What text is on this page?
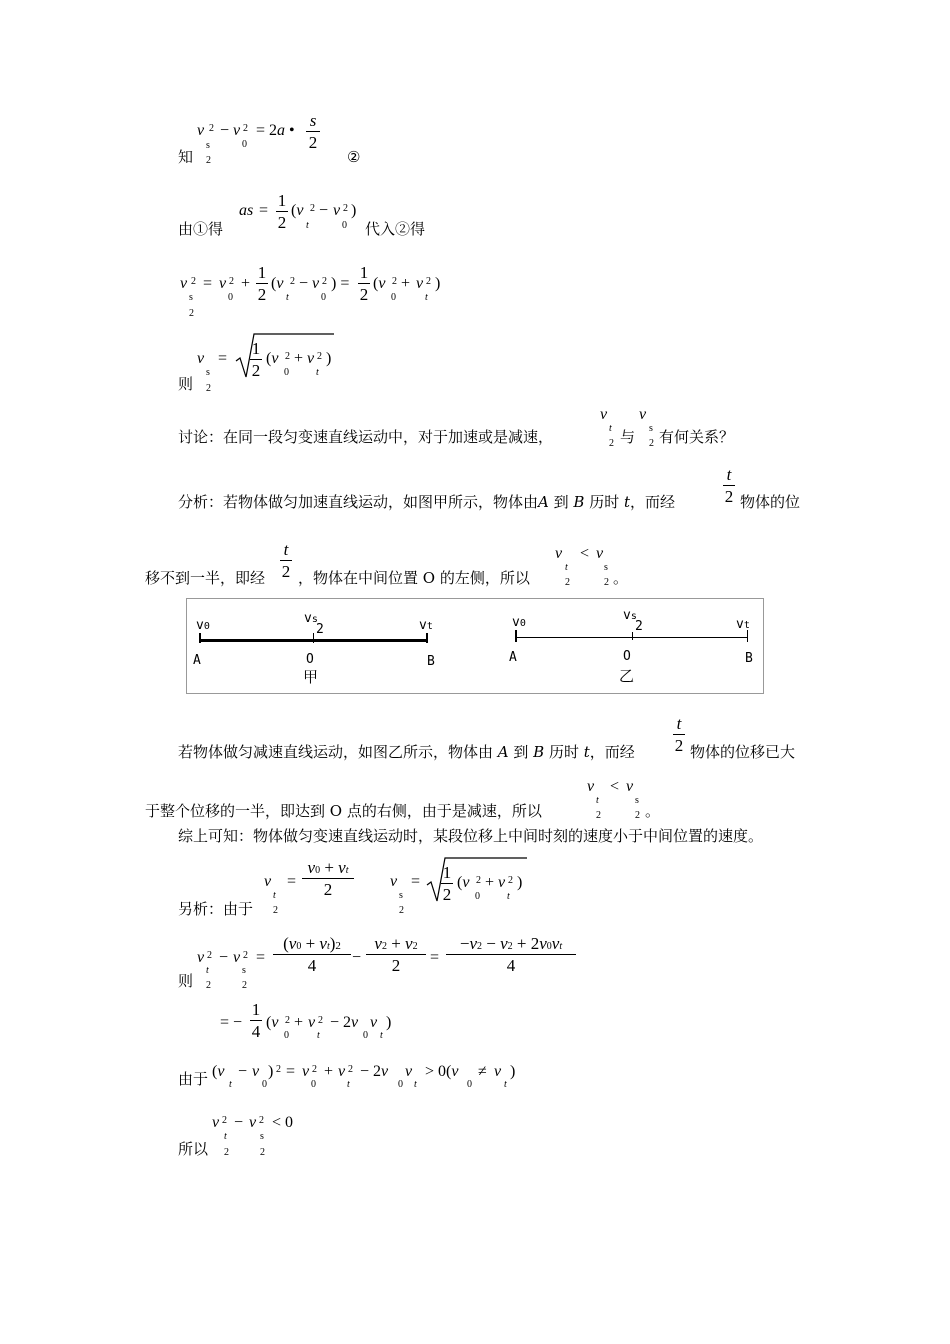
v 2
s
2
− v 2
0
= 2a •
s
2
知	②
由①得
as =
1
2
(v 2
t
− v 2
0
)
代入②得
v 2
s
2
= v 2
0
+
1
2
(v 2
t
− v 2
0
) =
1
2
(v 2
0
+ v 2
t
)
则
v
s
2
=
1
2
(v 2
0
+ v 2
t
)
讨论：在同一段匀变速直线运动中，对于加速或是减速，
v
t
2 与
v
s
2 有何关系？
分析：若物体做匀加速直线运动，如图甲所示，物体由A 到 B 历时 t，而经
t
2 物体的位
移不到一半，即经
t
2 ，物体在中间位置 O 的左侧，所以
v
t
2
< v
s
2 。
v0
vs
2	vt
A	O	B
甲
v0
vs
2	vt
A	O	B
乙
若物体做匀减速直线运动，如图乙所示，物体由 A 到 B 历时 t，而经
t
2 物体的位移已大
于整个位移的一半，即达到 O 点的右侧，由于是减速，所以
v
t
2
< v
s
2 。
综上可知：物体做匀变速直线运动时，某段位移上中间时刻的速度小于中间位置的速度。
另析：由于
v
t
2
=
v0 + vt
2	v
s
2
= 1
2
(v 2
0
+ v 2
t
)
则
v 2
t
2
− v 2
s
2
=
(v0 + vt)2
4	−
v2 + v2
2	=
−v2 − v2 + 2v0vt
4
= −
1
4 (v 2
0
+ v 2
t
− 2v
0
v
t
)
由于 (v
t
− v
0
) 2 = v 2
0
+ v 2
t
− 2v
0
v
t
> 0(v
0
≠ v
t
)
所以
v 2
t
2
− v 2
s
2
< 0
